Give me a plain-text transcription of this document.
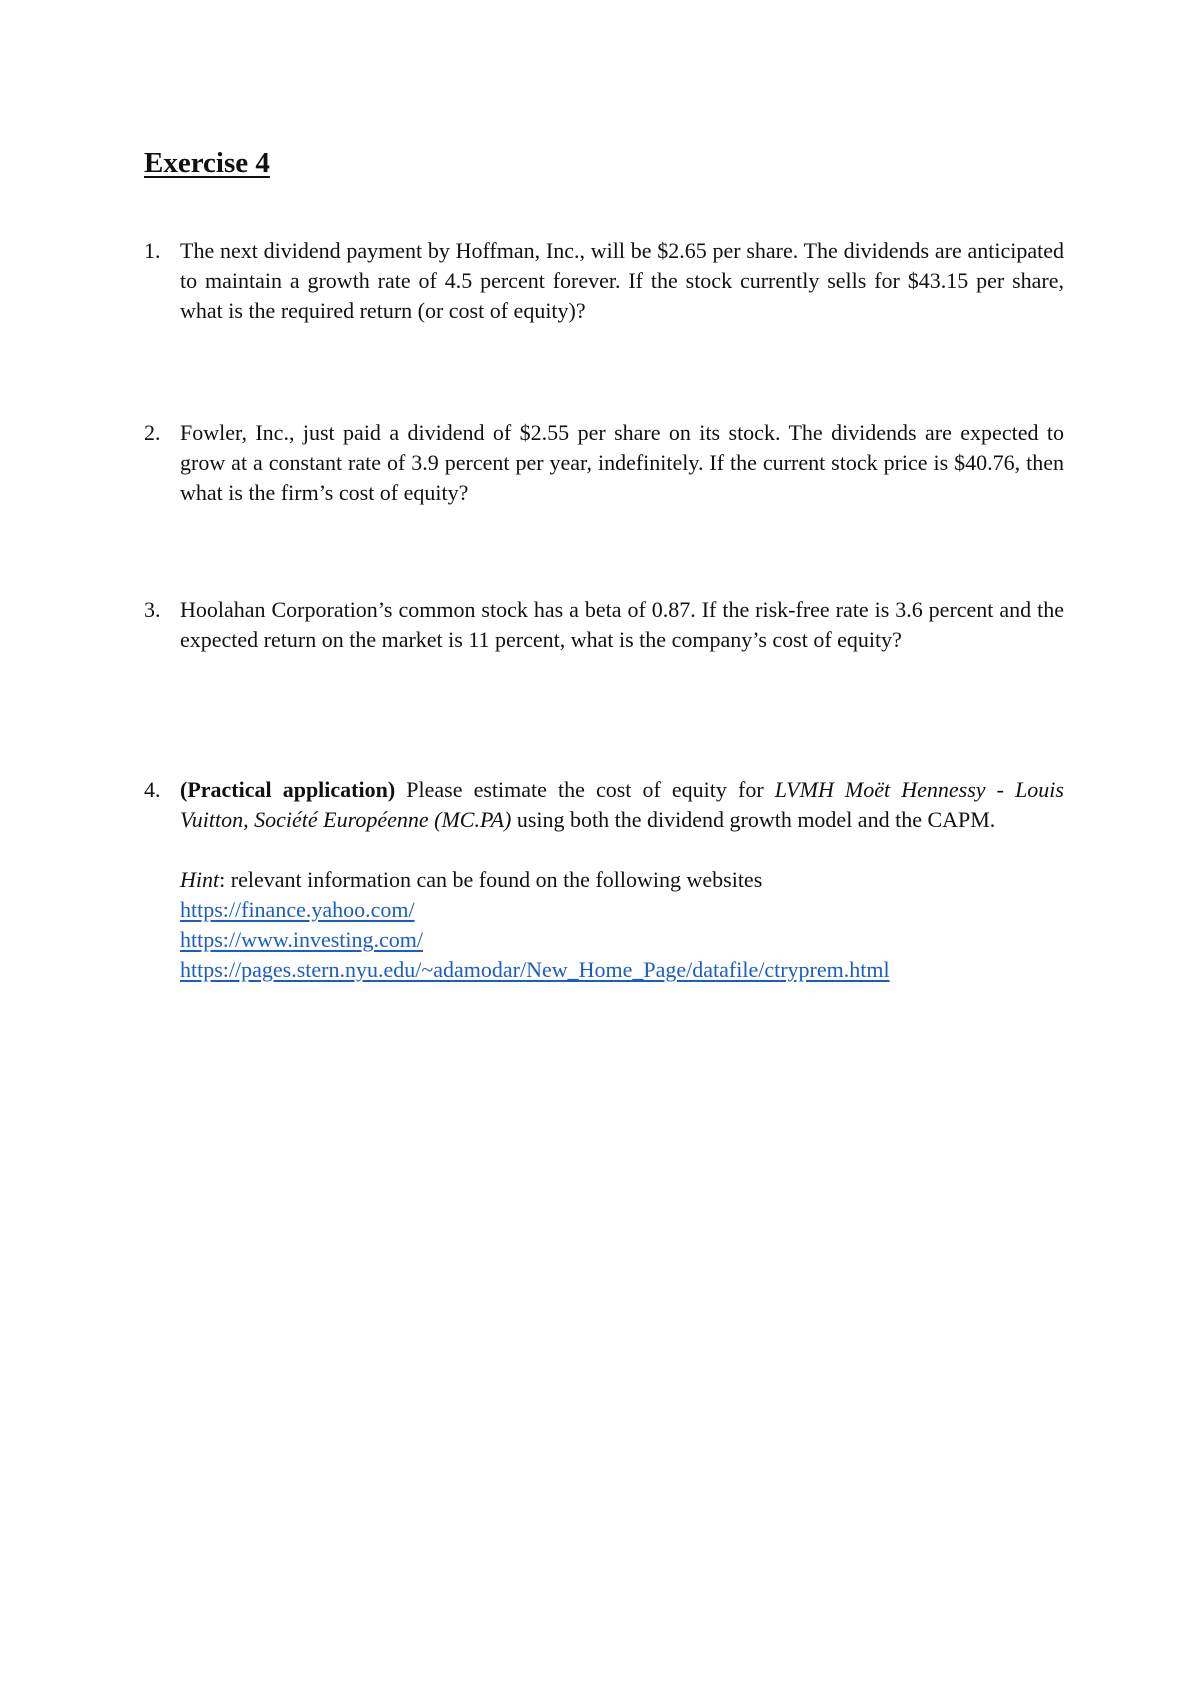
Exercise 4
1. The next dividend payment by Hoffman, Inc., will be $2.65 per share. The dividends are anticipated to maintain a growth rate of 4.5 percent forever. If the stock currently sells for $43.15 per share, what is the required return (or cost of equity)?

2. Fowler, Inc., just paid a dividend of $2.55 per share on its stock. The dividends are expected to grow at a constant rate of 3.9 percent per year, indefinitely. If the current stock price is $40.76, then what is the firm’s cost of equity?

3. Hoolahan Corporation’s common stock has a beta of 0.87. If the risk-free rate is 3.6 percent and the expected return on the market is 11 percent, what is the company’s cost of equity?

4. (Practical application) Please estimate the cost of equity for LVMH Moët Hennessy - Louis Vuitton, Société Européenne (MC.PA) using both the dividend growth model and the CAPM.

Hint: relevant information can be found on the following websites
https://finance.yahoo.com/
https://www.investing.com/
https://pages.stern.nyu.edu/~adamodar/New_Home_Page/datafile/ctryprem.html
